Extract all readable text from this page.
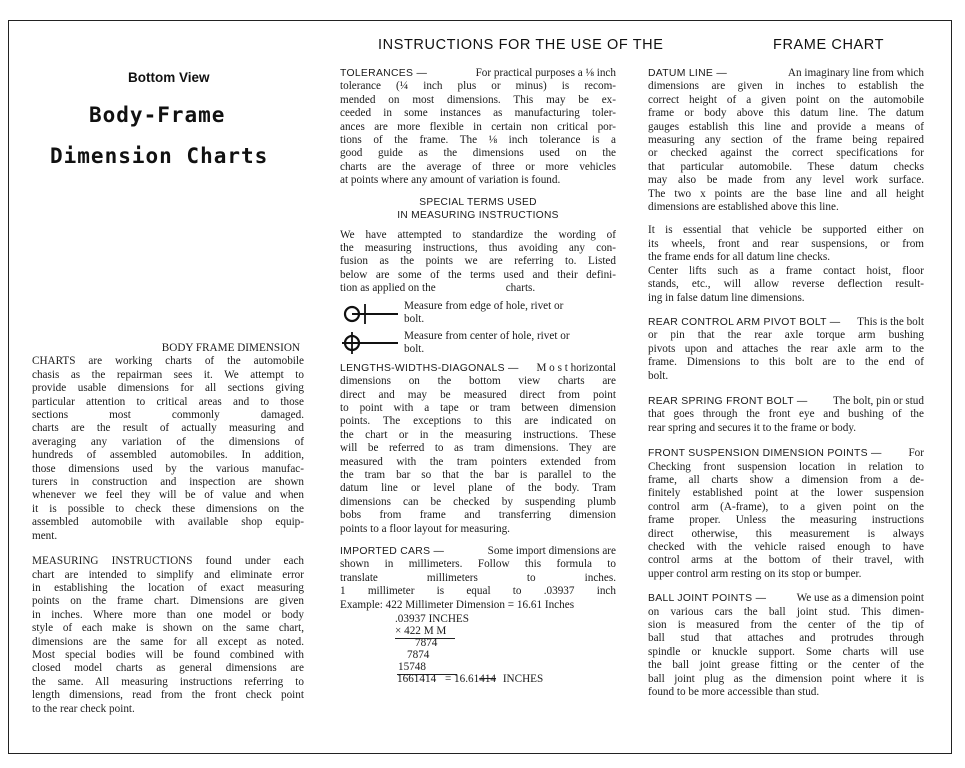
INSTRUCTIONS FOR THE USE OF THE	FRAME CHART
Bottom View
Body-Frame
Dimension Charts

BODY FRAME DIMENSION

CHARTS are working charts of the automobile
chasis as the repairman sees it. We attempt to
provide usable dimensions for all sections giving
particular attention to critical areas and to those
sections most commonly damaged.
charts are the result of actually measuring and
averaging any variation of the dimensions of
hundreds of assembled automobiles. In addition,
those dimensions used by the various manufac-
turers in construction and inspection are shown
whenever we feel they will be of value and when
it is possible to check these dimensions on the
assembled automobile with available shop equip-
ment.
MEASURING INSTRUCTIONS found under each
chart are intended to simplify and eliminate error
in establishing the location of exact measuring
points on the frame chart. Dimensions are given
in inches. Where more than one model or body
style of each make is shown on the same chart,
dimensions are the same for all except as noted.
Most special bodies will be found combined with
closed model charts as general dimensions are
the same. All measuring instructions referring to
length dimensions, read from the front check point
to the rear check point.
TOLERANCES —	For practical purposes a ⅛ inch
tolerance (¼ inch plus or minus) is recom-
mended on most dimensions. This may be ex-
ceeded in some instances as manufacturing toler-
ances are more flexible in certain non critical por-
tions of the frame. The ⅛ inch tolerance is a
good guide as the dimensions used on the
charts are the average of three or more vehicles
at points where any amount of variation is found.
SPECIAL TERMS USED
IN MEASURING INSTRUCTIONS
We have attempted to standardize the wording of
the measuring instructions, thus avoiding any con-
fusion as the points we are referring to. Listed
below are some of the terms used and their defini-
tion as applied on the	charts.
Measure from edge of hole, rivet or
bolt.
Measure from center of hole, rivet or
bolt.
LENGTHS-WIDTHS-DIAGONALS — M o s t horizontal
dimensions on the bottom view charts are
direct and may be measured direct from point
to point with a tape or tram between dimension
points. The exceptions to this are indicated on
the chart or in the measuring instructions. These
will be referred to as tram dimensions. They are
measured with the tram pointers extended from
the tram bar so that the bar is parallel to the
datum line or level plane of the body. Tram
dimensions can be checked by suspending plumb
bobs from frame and transferring dimension
points to a floor layout for measuring.
IMPORTED CARS —	Some import dimensions are
shown in millimeters. Follow this formula to
translate millimeters to inches.
1 millimeter is equal to .03937 inch
Example: 422 Millimeter Dimension = 16.61 Inches
.03937 INCHES
× 422 M M
7874
7874
15748
1661414 = 16.61414 INCHES
DATUM LINE —	An imaginary line from which
dimensions are given in inches to establish the
correct height of a given point on the automobile
frame or body above this datum line. The datum
gauges establish this line and provide a means of
measuring any section of the frame being repaired
or checked against the correct specifications for
that particular automobile. These datum checks
may also be made from any level work surface.
The two x points are the base line and all height
dimensions are established above this line.
It is essential that vehicle be supported either on
its wheels, front and rear suspensions, or from
the frame ends for all datum line checks.
Center lifts such as a frame contact hoist, floor
stands, etc., will allow reverse deflection result-
ing in false datum line dimensions.
REAR CONTROL ARM PIVOT BOLT — This is the bolt
or pin that the rear axle torque arm bushing
pivots upon and attaches the rear axle arm to the
frame. Dimensions to this bolt are to the end of
bolt.
REAR SPRING FRONT BOLT — The bolt, pin or stud
that goes through the front eye and bushing of the
rear spring and secures it to the frame or body.
FRONT SUSPENSION DIMENSION POINTS — For
Checking front suspension location in relation to
frame, all charts show a dimension from a de-
finitely established point at the lower suspension
control arm (A-frame), to a given point on the
frame proper. Unless the measuring instructions
direct otherwise, this measurement is always
checked with the vehicle raised enough to have
control arms at the bottom of their travel, with
upper control arm resting on its stop or bumper.
BALL JOINT POINTS —	We use as a dimension point
on various cars the ball joint stud. This dimen-
sion is measured from the center of the tip of
ball stud that attaches and protrudes through
spindle or knuckle support. Some charts will use
the ball joint grease fitting or the center of the
ball joint plug as the dimension point where it is
found to be more accessible than stud.
